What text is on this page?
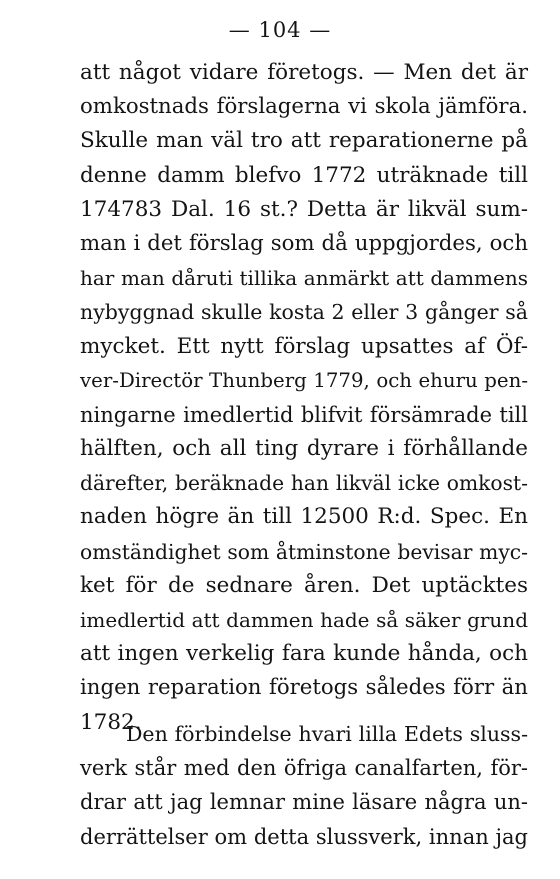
— 104 —
att något vidare företogs. — Men det är
omkostnads förslagerna vi skola jämföra.
Skulle man väl tro att reparationerne på
denne damm blefvo 1772 uträknade till
174783 Dal. 16 st.? Detta är likväl sum-
man i det förslag som då uppgjordes, och
har man dåruti tillika anmärkt att dammens
nybyggnad skulle kosta 2 eller 3 gånger så
mycket. Ett nytt förslag upsattes af Öf-
ver-Directör Thunberg 1779, och ehuru pen-
ningarne imedlertid blifvit försämrade till
hälften, och all ting dyrare i förhållande
därefter, beräknade han likväl icke omkost-
naden högre än till 12500 R:d. Spec. En
omständighet som åtminstone bevisar myc-
ket för de sednare åren. Det uptäcktes
imedlertid att dammen hade så säker grund
att ingen verkelig fara kunde hånda, och
ingen reparation företogs således förr än
1782.
Den förbindelse hvari lilla Edets sluss-
verk står med den öfriga canalfarten, för-
drar att jag lemnar mine läsare några un-
derrättelser om detta slussverk, innan jag
